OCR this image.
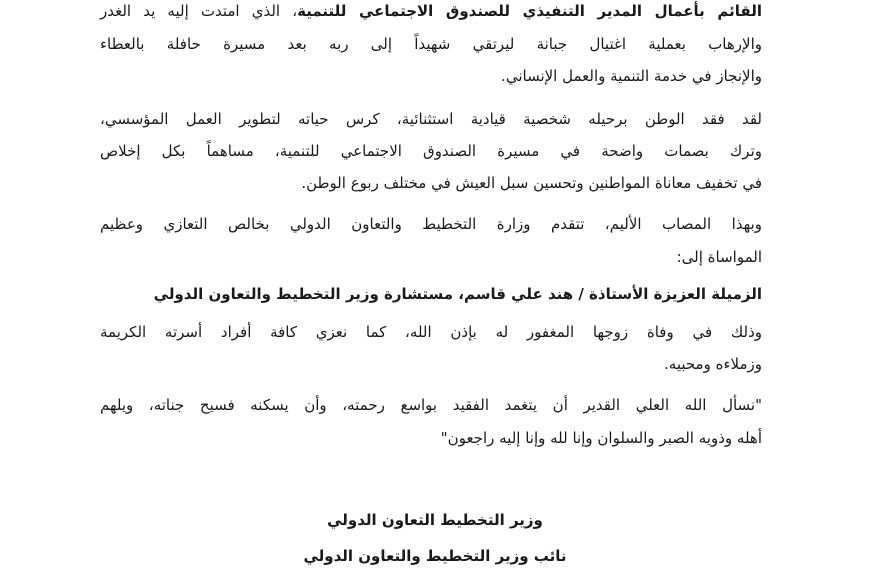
القائم بأعمال المدير التنفيذي للصندوق الاجتماعي للتنمية، الذي امتدت إليه يد الغدر
والإرهاب بعملية اغتيال جبانة ليرتقي شهيداً إلى ربه بعد مسيرة حافلة بالعطاء
والإنجاز في خدمة التنمية والعمل الإنساني.
لقد فقد الوطن برحيله شخصية قيادية استثنائية، كرس حياته لتطوير العمل المؤسسي،
وترك بصمات واضحة في مسيرة الصندوق الاجتماعي للتنمية، مساهماً بكل إخلاص
في تخفيف معاناة المواطنين وتحسين سبل العيش في مختلف ربوع الوطن.
وبهذا المصاب الأليم، تتقدم وزارة التخطيط والتعاون الدولي بخالص التعازي وعظيم
المواساة إلى:
الزميلة العزيزة الأستاذة / هند علي قاسم، مستشارة وزير التخطيط والتعاون الدولي
وذلك في وفاة زوجها المغفور له بإذن الله، كما نعزي كافة أفراد أسرته الكريمة
وزملاءه ومحبيه.
"نسأل الله العلي القدير أن يتغمد الفقيد بواسع رحمته، وأن يسكنه فسيح جناته، ويلهم
أهله وذويه الصبر والسلوان وإنا لله وإنا إليه راجعون"
وزير التخطيط التعاون الدولي
نائب وزير التخطيط والتعاون الدولي
